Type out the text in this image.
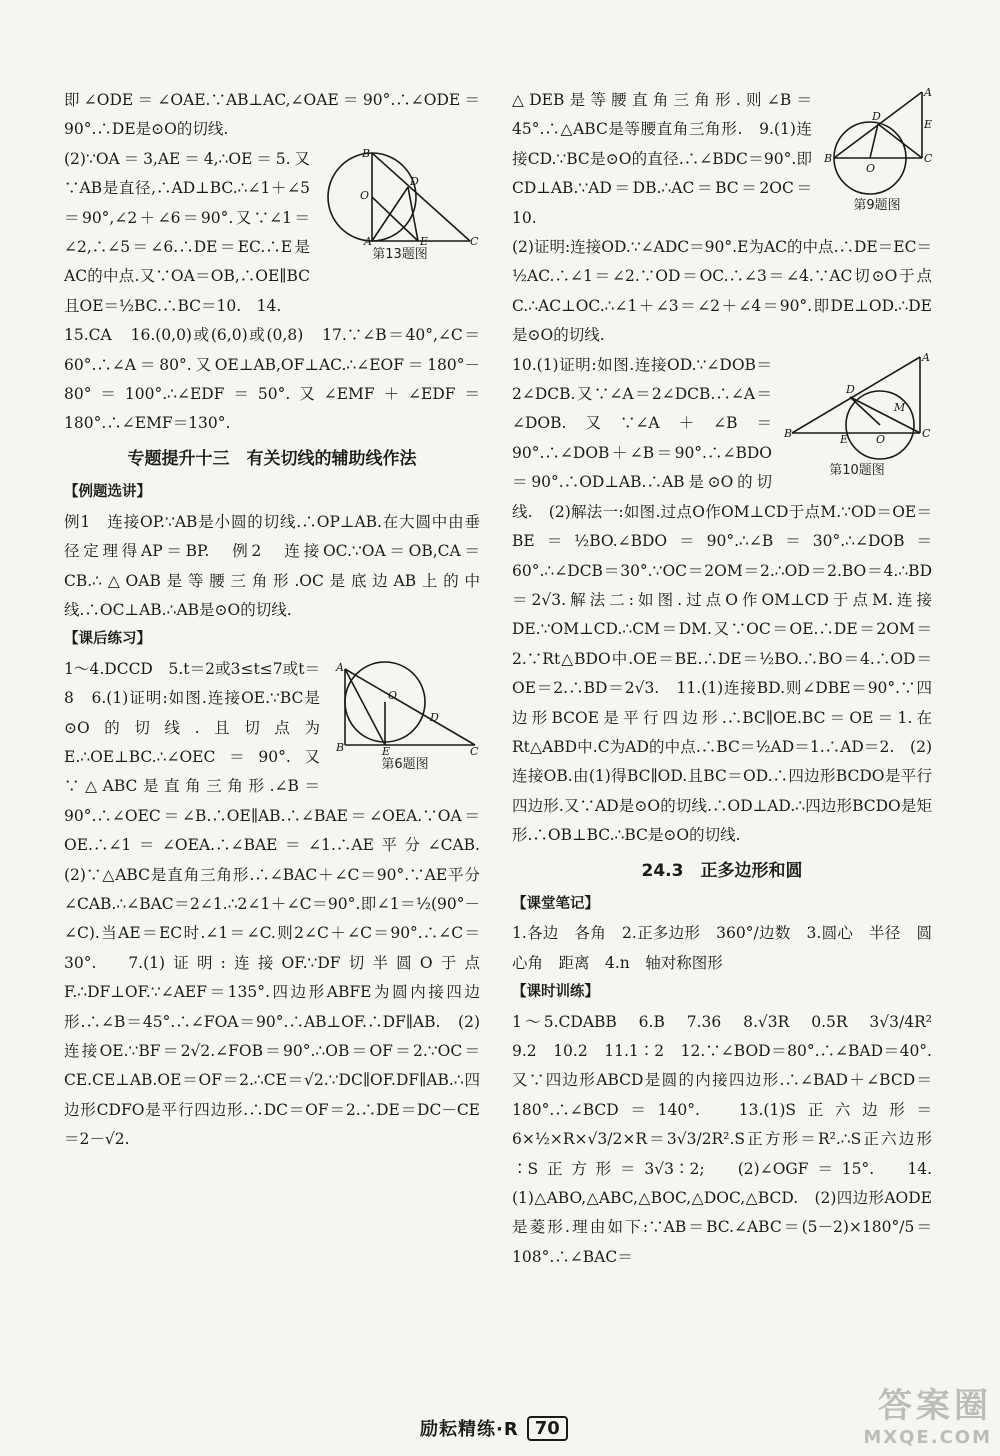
即∠ODE＝∠OAE.∵AB⊥AC,∠OAE＝90°.∴∠ODE＝90°.∴DE是⊙O的切线.

B
O
A
D
E	C
第13题图

(2)∵OA＝3,AE＝4,∴OE＝5.又∵AB是直径,∴AD⊥BC.∴∠1＋∠5＝90°,∠2＋∠6＝90°.又∵∠1＝∠2,∴∠5＝∠6.∴DE＝EC.∴E是AC的中点.又∵OA＝OB,∴OE∥BC且OE＝½BC.∴BC＝10.　14.

15.CA　16.(0,0)或(6,0)或(0,8)　17.∵∠B＝40°,∠C＝60°.∴∠A＝80°.又OE⊥AB,OF⊥AC.∴∠EOF＝180°－80°＝100°.∴∠EDF＝50°.又∠EMF＋∠EDF＝180°.∴∠EMF＝130°.

专题提升十三　有关切线的辅助线作法

【例题选讲】

例1　连接OP.∵AB是小圆的切线.∴OP⊥AB.在大圆中由垂径定理得AP＝BP.　例2　连接OC.∵OA＝OB,CA＝CB.∴△OAB是等腰三角形.OC是底边AB上的中线.∴OC⊥AB.∴AB是⊙O的切线.

【课后练习】

A
O
B	E
D
C
第6题图

1～4.DCCD　5.t＝2或3≤t≤7或t＝8　6.(1)证明:如图.连接OE.∵BC是⊙O的切线.且切点为E.∴OE⊥BC.∴∠OEC＝90°.又∵△ABC是直角三角形.∠B＝90°.∴∠OEC＝∠B.∴OE∥AB.∴∠BAE＝∠OEA.∵OA＝OE.∴∠1＝∠OEA.∴∠BAE＝∠1.∴AE平分∠CAB.　(2)∵△ABC是直角三角形.∴∠BAC＋∠C＝90°.∵AE平分∠CAB.∴∠BAC＝2∠1.∴2∠1＋∠C＝90°.即∠1＝½(90°－∠C).当AE＝EC时.∠1＝∠C.则2∠C＋∠C＝90°.∴∠C＝30°.　7.(1)证明:连接OF.∵DF切半圆O于点F.∴DF⊥OF.∵∠AEF＝135°.四边形ABFE为圆内接四边形.∴∠B＝45°.∴∠FOA＝90°.∴AB⊥OF.∴DF∥AB.　(2)连接OE.∵BF＝2√2.∠FOB＝90°.∴OB＝OF＝2.∵OC＝CE.CE⊥AB.OE＝OF＝2.∴CE＝√2.∵DC∥OF.DF∥AB.∴四边形CDFO是平行四边形.∴DC＝OF＝2.∴DE＝DC－CE＝2－√2.

B
O
D
E
A
C
第9题图

△DEB是等腰直角三角形.则∠B＝45°.∴△ABC是等腰直角三角形.　9.(1)连接CD.∵BC是⊙O的直径.∴∠BDC＝90°.即CD⊥AB.∵AD＝DB.∴AC＝BC＝2OC＝10.

(2)证明:连接OD.∵∠ADC＝90°.E为AC的中点.∴DE＝EC＝½AC.∴∠1＝∠2.∵OD＝OC.∴∠3＝∠4.∵AC切⊙O于点C.∴AC⊥OC.∴∠1＋∠3＝∠2＋∠4＝90°.即DE⊥OD.∴DE是⊙O的切线.

B
D
E	O
M
C
A
第10题图

10.(1)证明:如图.连接OD.∵∠DOB＝2∠DCB.又∵∠A＝2∠DCB.∴∠A＝∠DOB.又∵∠A＋∠B＝90°.∴∠DOB＋∠B＝90°.∴∠BDO＝90°.∴OD⊥AB.∴AB是⊙O的切线.　(2)解法一:如图.过点O作OM⊥CD于点M.∵OD＝OE＝BE＝½BO.∠BDO＝90°.∴∠B＝30°.∴∠DOB＝60°.∴∠DCB＝30°.∵OC＝2OM＝2.∴OD＝2.BO＝4.∴BD＝2√3.解法二:如图.过点O作OM⊥CD于点M.连接DE.∵OM⊥CD.∴CM＝DM.又∵OC＝OE.∴DE＝2OM＝2.∵Rt△BDO中.OE＝BE.∴DE＝½BO.∴BO＝4.∴OD＝OE＝2.∴BD＝2√3.　11.(1)连接BD.则∠DBE＝90°.∵四边形BCOE是平行四边形.∴BC∥OE.BC＝OE＝1.在Rt△ABD中.C为AD的中点.∴BC＝½AD＝1.∴AD＝2.　(2)连接OB.由(1)得BC∥OD.且BC＝OD.∴四边形BCDO是平行四边形.又∵AD是⊙O的切线.∴OD⊥AD.∴四边形BCDO是矩形.∴OB⊥BC.∴BC是⊙O的切线.

24.3　正多边形和圆

【课堂笔记】

1.各边　各角　2.正多边形　360°/边数　3.圆心　半径　圆心角　距离　4.n　轴对称图形

【课时训练】

1～5.CDABB　6.B　7.36　8.√3R　0.5R　3√3/4R²　9.2　10.2　11.1∶2　12.∵∠BOD＝80°.∴∠BAD＝40°.又∵四边形ABCD是圆的内接四边形.∴∠BAD＋∠BCD＝180°.∴∠BCD＝140°.　13.(1)S正六边形＝6×½×R×√3/2×R＝3√3/2R².S正方形＝R².∴S正六边形∶S正方形＝3√3∶2;　(2)∠OGF＝15°.　14.(1)△ABO,△ABC,△BOC,△DOC,△BCD.　(2)四边形AODE是菱形.理由如下:∵AB＝BC.∠ABC＝(5－2)×180°/5＝108°.∴∠BAC＝

励耘精练·R 70
答案圈
MXQE.COM
